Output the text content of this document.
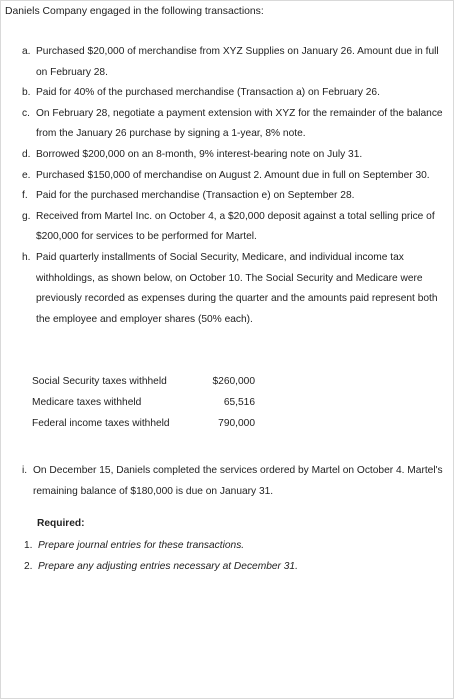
Daniels Company engaged in the following transactions:
a. Purchased $20,000 of merchandise from XYZ Supplies on January 26. Amount due in full on February 28.
b. Paid for 40% of the purchased merchandise (Transaction a) on February 26.
c. On February 28, negotiate a payment extension with XYZ for the remainder of the balance from the January 26 purchase by signing a 1-year, 8% note.
d. Borrowed $200,000 on an 8-month, 9% interest-bearing note on July 31.
e. Purchased $150,000 of merchandise on August 2. Amount due in full on September 30.
f. Paid for the purchased merchandise (Transaction e) on September 28.
g. Received from Martel Inc. on October 4, a $20,000 deposit against a total selling price of $200,000 for services to be performed for Martel.
h. Paid quarterly installments of Social Security, Medicare, and individual income tax withholdings, as shown below, on October 10. The Social Security and Medicare were previously recorded as expenses during the quarter and the amounts paid represent both the employee and employer shares (50% each).
Social Security taxes withheld	$260,000
Medicare taxes withheld	65,516
Federal income taxes withheld	790,000
i. On December 15, Daniels completed the services ordered by Martel on October 4. Martel's remaining balance of $180,000 is due on January 31.
Required:
1. Prepare journal entries for these transactions.
2. Prepare any adjusting entries necessary at December 31.
